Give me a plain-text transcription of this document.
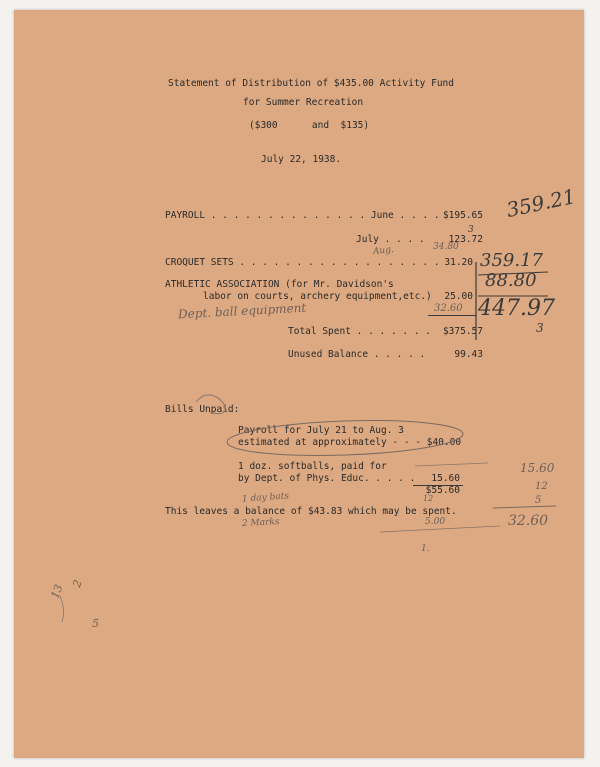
Statement of Distribution of $435.00 Activity Fund
for Summer Recreation
($300      and  $135)
July 22, 1938.
PAYROLL . . . . . . . . . . . . . . June . . . . $195.65
July . . . .	123.72
CROQUET SETS . . . . . . . . . . . . . . . . . . 31.20
ATHLETIC ASSOCIATION (for Mr. Davidson's
labor on courts, archery equipment,etc.)	25.00
Total Spent . . . . . . .	$375.57
Unused Balance . . . . .	99.43
Bills Unpaid:
Payroll for July 21 to Aug. 3
estimated at approximately - - - $40.00
1 doz. softballs, paid for
by Dept. of Phys. Educ. . . . .	15.60
$55.60
This leaves a balance of $43.83 which may be spent.
359.21
3
Aug.	34.80
359.17
88.80
32.60 447.97
3
Dept. ball equipment
15.60
12
5
32.60
12
1 day bats
2 Marks	5.00
1.
13 2
5
